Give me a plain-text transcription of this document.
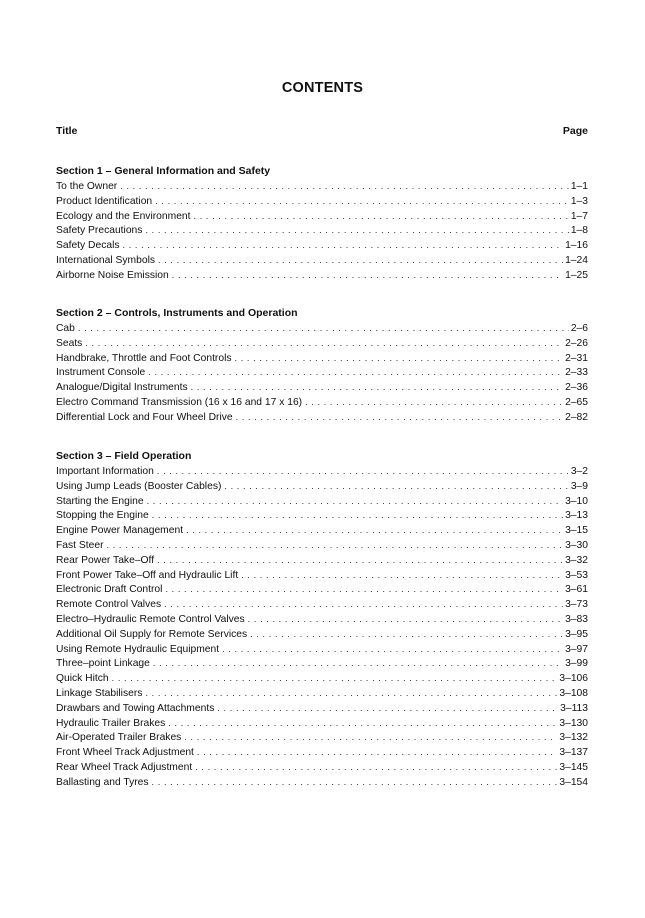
CONTENTS
Title	Page
Section 1 – General Information and Safety
To the Owner . . .	1–1
Product Identification . . .	1–3
Ecology and the Environment . . .	1–7
Safety Precautions . . .	1–8
Safety Decals . . .	1–16
International Symbols . . .	1–24
Airborne Noise Emission . . .	1–25
Section 2 – Controls, Instruments and Operation
Cab . . .	2–6
Seats . . .	2–26
Handbrake, Throttle and Foot Controls . . .	2–31
Instrument Console . . .	2–33
Analogue/Digital Instruments . . .	2–36
Electro Command Transmission (16 x 16 and 17 x 16) . . .	2–65
Differential Lock and Four Wheel Drive . . .	2–82
Section 3 – Field Operation
Important Information . . .	3–2
Using Jump Leads (Booster Cables) . . .	3–9
Starting the Engine . . .	3–10
Stopping the Engine . . .	3–13
Engine Power Management . . .	3–15
Fast Steer . . .	3–30
Rear Power Take–Off . . .	3–32
Front Power Take–Off and Hydraulic Lift . . .	3–53
Electronic Draft Control . . .	3–61
Remote Control Valves . . .	3–73
Electro–Hydraulic Remote Control Valves . . .	3–83
Additional Oil Supply for Remote Services . . .	3–95
Using Remote Hydraulic Equipment . . .	3–97
Three–point Linkage . . .	3–99
Quick Hitch . . .	3–106
Linkage Stabilisers . . .	3–108
Drawbars and Towing Attachments . . .	3–113
Hydraulic Trailer Brakes . . .	3–130
Air-Operated Trailer Brakes . . .	3–132
Front Wheel Track Adjustment . . .	3–137
Rear Wheel Track Adjustment . . .	3–145
Ballasting and Tyres . . .	3–154
